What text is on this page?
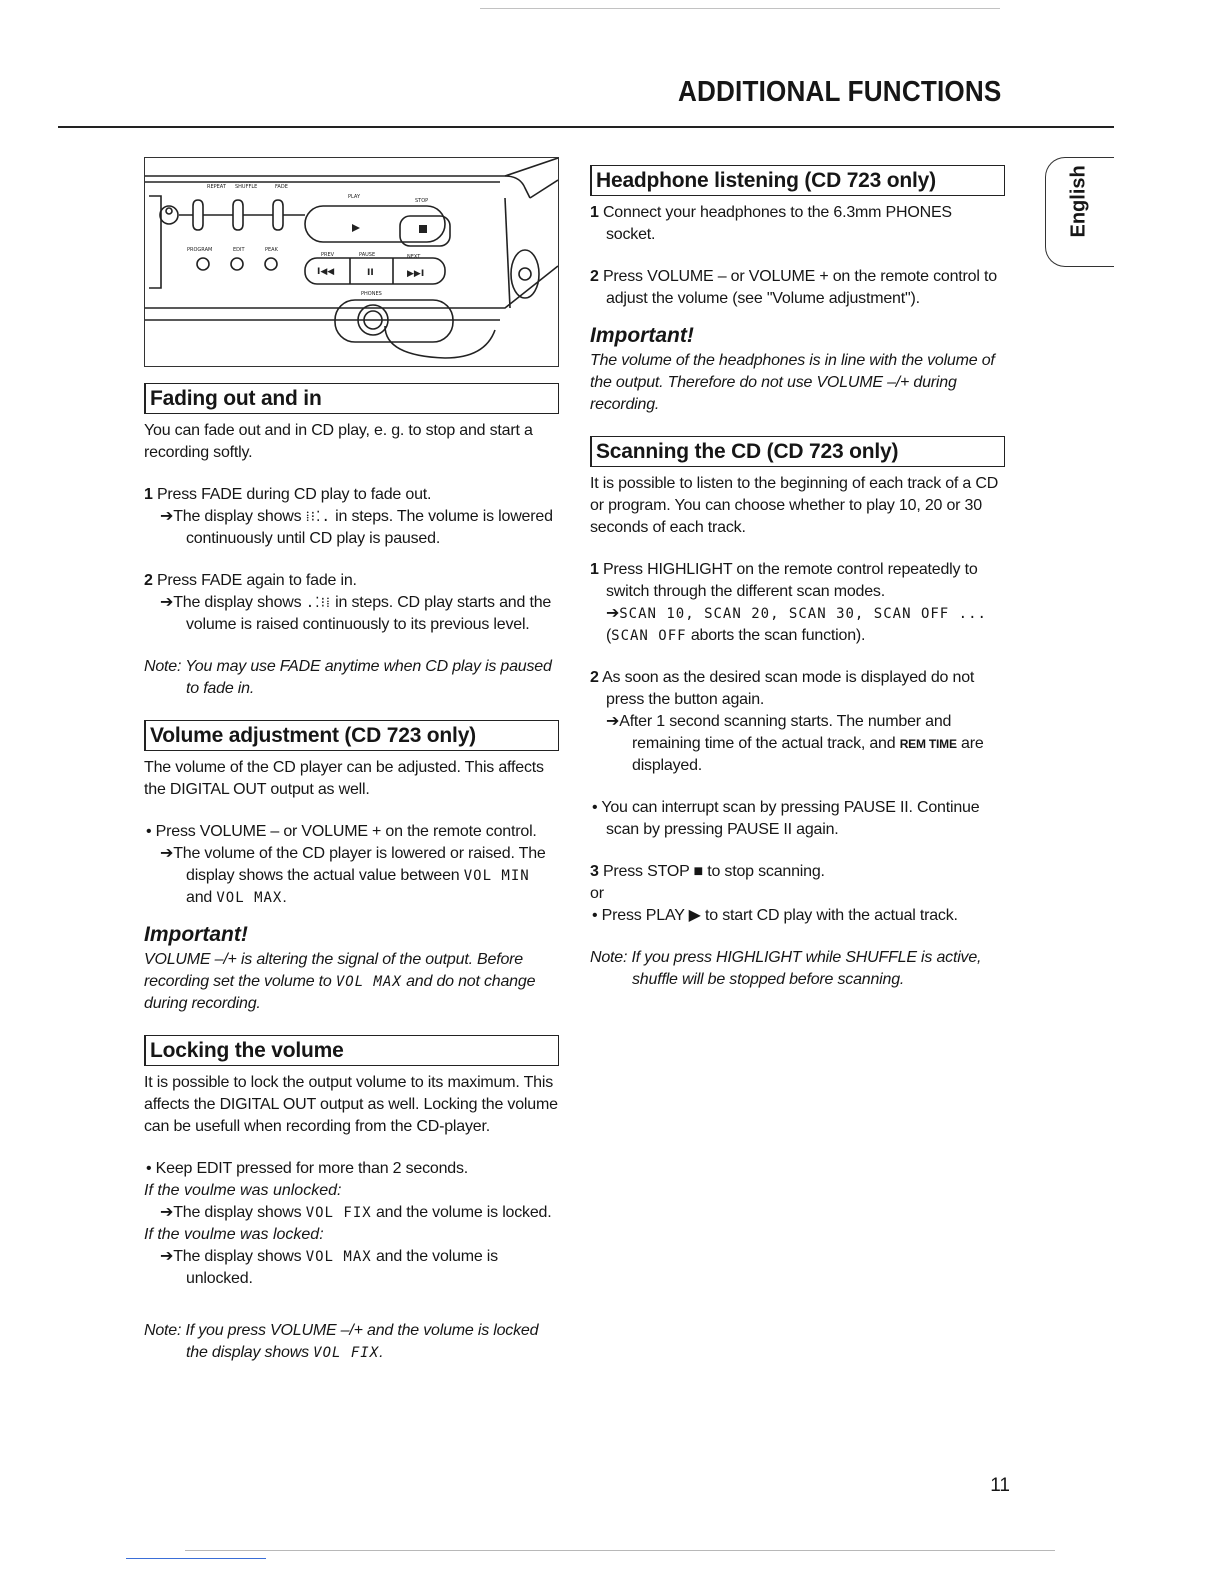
ADDITIONAL FUNCTIONS
English
REPEAT SHUFFLE	FADE
PLAY
STOP
PROGRAM	EDIT	PEAK
PREV	PAUSE	NEXT
PHONES
I◀◀	II	▶▶I
Fading out and in
You can fade out and in CD play, e. g. to stop and start a recording softly.
1 Press FADE during CD play to fade out.
➔The display shows ⁞⁝⁚. in steps. The volume is lowered continuously until CD play is paused.
2 Press FADE again to fade in.
➔The display shows .⁚⁝⁞ in steps. CD play starts and the volume is raised continuously to its previous level.
Note: You may use FADE anytime when CD play is paused to fade in.
Volume adjustment (CD 723 only)
The volume of the CD player can be adjusted. This affects the DIGITAL OUT output as well.
• Press VOLUME – or VOLUME + on the remote control.
➔The volume of the CD player is lowered or raised. The display shows the actual value between VOL MIN and VOL MAX.
Important!
VOLUME –/+ is altering the signal of the output. Before recording set the volume to VOL MAX and do not change during recording.
Locking the volume
It is possible to lock the output volume to its maximum. This affects the DIGITAL OUT output as well. Locking the volume can be usefull when recording from the CD-player.
• Keep EDIT pressed for more than 2 seconds.
If the voulme was unlocked:
➔The display shows VOL FIX and the volume is locked.
If the voulme was locked:
➔The display shows VOL MAX and the volume is unlocked.
Note: If you press VOLUME –/+ and the volume is locked the display shows VOL FIX.
Headphone listening (CD 723 only)
1 Connect your headphones to the 6.3mm PHONES socket.
2 Press VOLUME – or VOLUME + on the remote control to adjust the volume (see "Volume adjustment").
Important!
The volume of the headphones is in line with the volume of the output. Therefore do not use VOLUME –/+ during recording.
Scanning the CD (CD 723 only)
It is possible to listen to the beginning of each track of a CD or program. You can choose whether to play 10, 20 or 30 seconds of each track.
1 Press HIGHLIGHT on the remote control repeatedly to switch through the different scan modes.
➔SCAN 10, SCAN 20, SCAN 30, SCAN OFF ...
(SCAN OFF aborts the scan function).
2 As soon as the desired scan mode is displayed do not press the button again.
➔After 1 second scanning starts. The number and remaining time of the actual track, and REM TIME are displayed.
• You can interrupt scan by pressing PAUSE II. Continue scan by pressing PAUSE II again.
3 Press STOP ■ to stop scanning.
or
• Press PLAY ▶ to start CD play with the actual track.
Note: If you press HIGHLIGHT while SHUFFLE is active, shuffle will be stopped before scanning.
11
